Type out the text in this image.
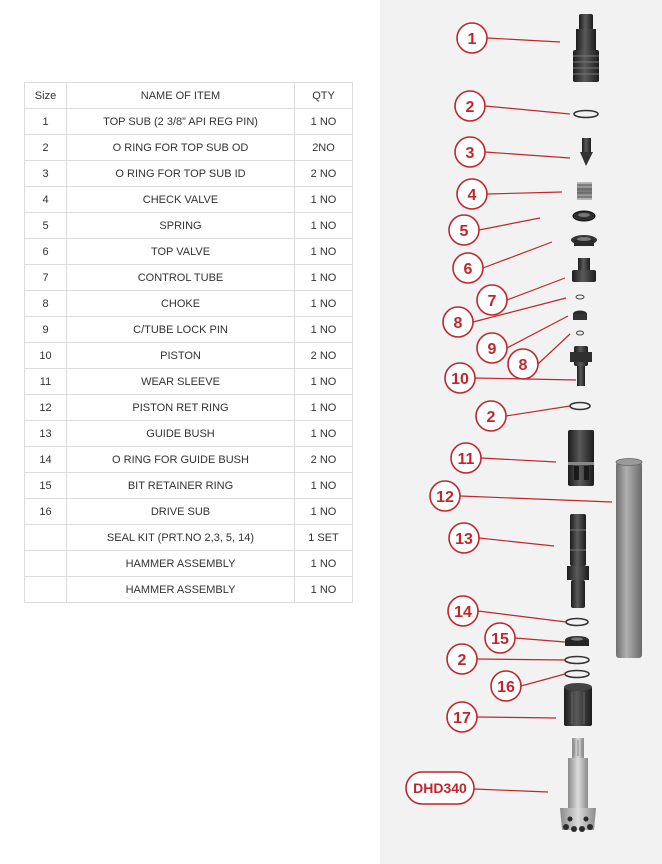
Size	NAME OF ITEM	QTY
1	TOP SUB (2 3/8” API REG PIN)	1 NO
2	O RING FOR TOP SUB OD	2NO
3	O RING FOR TOP SUB ID	2 NO
4	CHECK VALVE	1 NO
5	SPRING	1 NO
6	TOP VALVE	1 NO
7	CONTROL TUBE	1 NO
8	CHOKE	1 NO
9	C/TUBE LOCK PIN	1 NO
10	PISTON	2 NO
11	WEAR SLEEVE	1 NO
12	PISTON RET RING	1 NO
13	GUIDE BUSH	1 NO
14	O RING FOR GUIDE BUSH	2 NO
15	BIT RETAINER RING	1 NO
16	DRIVE SUB	1 NO
	SEAL KIT (PRT.NO 2,3, 5, 14)	1 SET
	HAMMER ASSEMBLY	1 NO
	HAMMER ASSEMBLY	1 NO
1
2
3
4
5
6
7
8
9
8
10
2
11
12
13
14
15
2
16
17
DHD340
